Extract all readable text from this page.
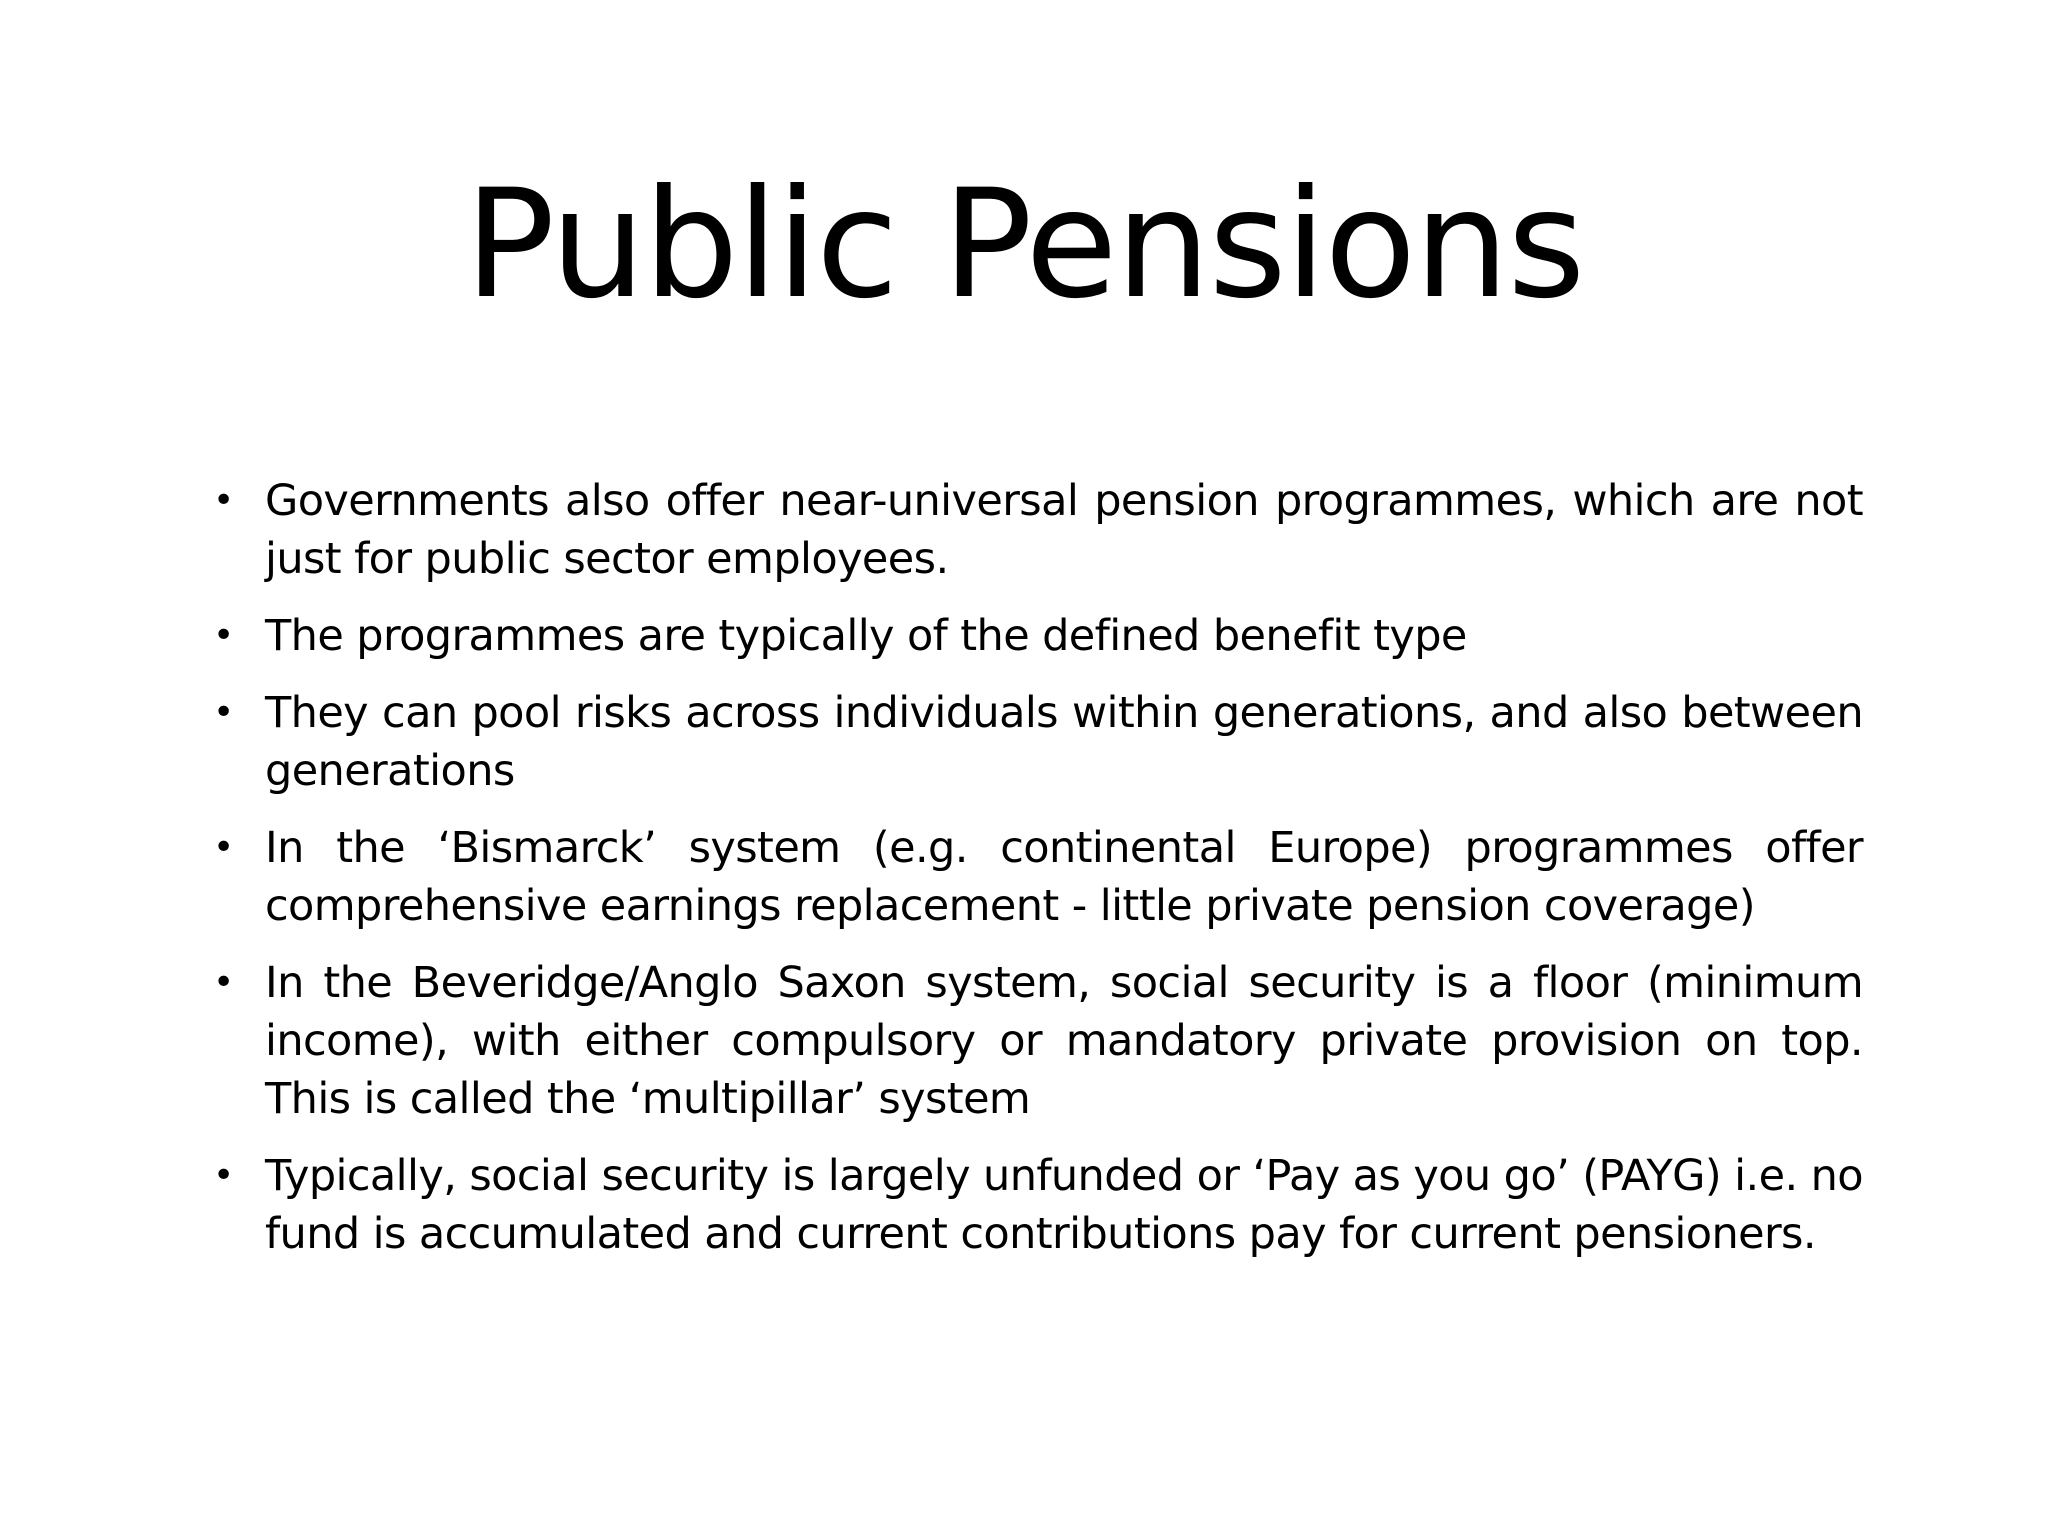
Public Pensions
• Governments also offer near-universal pension programmes, which are not just for public sector employees.
• The programmes are typically of the defined benefit type
• They can pool risks across individuals within generations, and also between generations
• In the ‘Bismarck’ system (e.g. continental Europe) programmes offer comprehensive earnings replacement - little private pension coverage)
• In the Beveridge/Anglo Saxon system, social security is a floor (minimum income), with either compulsory or mandatory private provision on top. This is called the ‘multipillar’ system
• Typically, social security is largely unfunded or ‘Pay as you go’ (PAYG) i.e. no fund is accumulated and current contributions pay for current pensioners.
